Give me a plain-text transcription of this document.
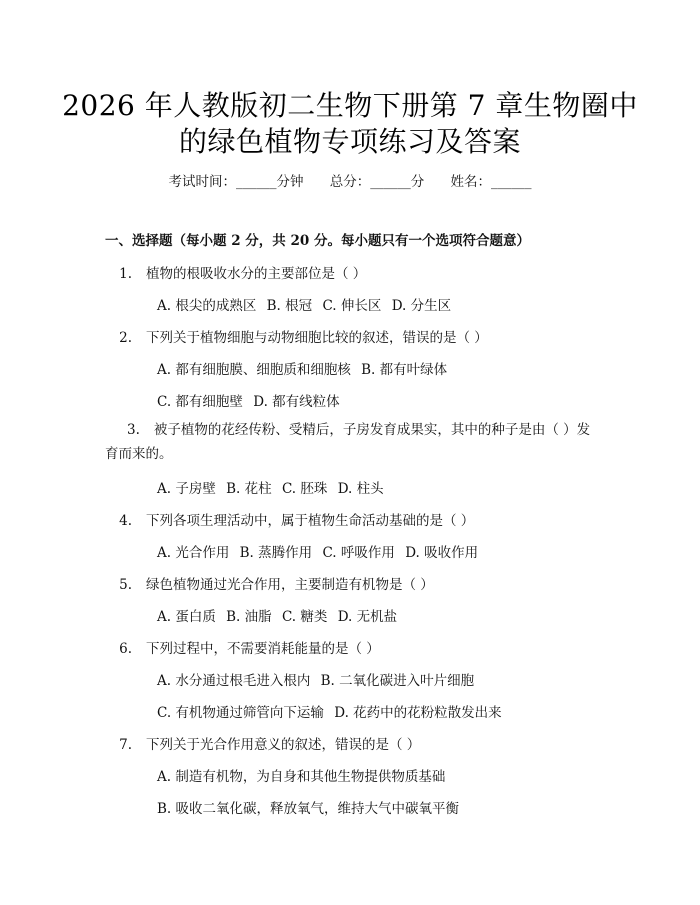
2026 年人教版初二生物下册第 7 章生物圈中
的绿色植物专项练习及答案
考试时间：______分钟 总分：______分 姓名：______
一、选择题（每小题 2 分，共 20 分。每小题只有一个选项符合题意）
1. 植物的根吸收水分的主要部位是（ ）
A. 根尖的成熟区 B. 根冠 C. 伸长区 D. 分生区
2. 下列关于植物细胞与动物细胞比较的叙述，错误的是（ ）
A. 都有细胞膜、细胞质和细胞核 B. 都有叶绿体
C. 都有细胞壁 D. 都有线粒体
3. 被子植物的花经传粉、受精后，子房发育成果实，其中的种子是由（ ）发育而来的。
A. 子房壁 B. 花柱 C. 胚珠 D. 柱头
4. 下列各项生理活动中，属于植物生命活动基础的是（ ）
A. 光合作用 B. 蒸腾作用 C. 呼吸作用 D. 吸收作用
5. 绿色植物通过光合作用，主要制造有机物是（ ）
A. 蛋白质 B. 油脂 C. 糖类 D. 无机盐
6. 下列过程中，不需要消耗能量的是（ ）
A. 水分通过根毛进入根内 B. 二氧化碳进入叶片细胞
C. 有机物通过筛管向下运输 D. 花药中的花粉粒散发出来
7. 下列关于光合作用意义的叙述，错误的是（ ）
A. 制造有机物，为自身和其他生物提供物质基础
B. 吸收二氧化碳，释放氧气，维持大气中碳氧平衡
